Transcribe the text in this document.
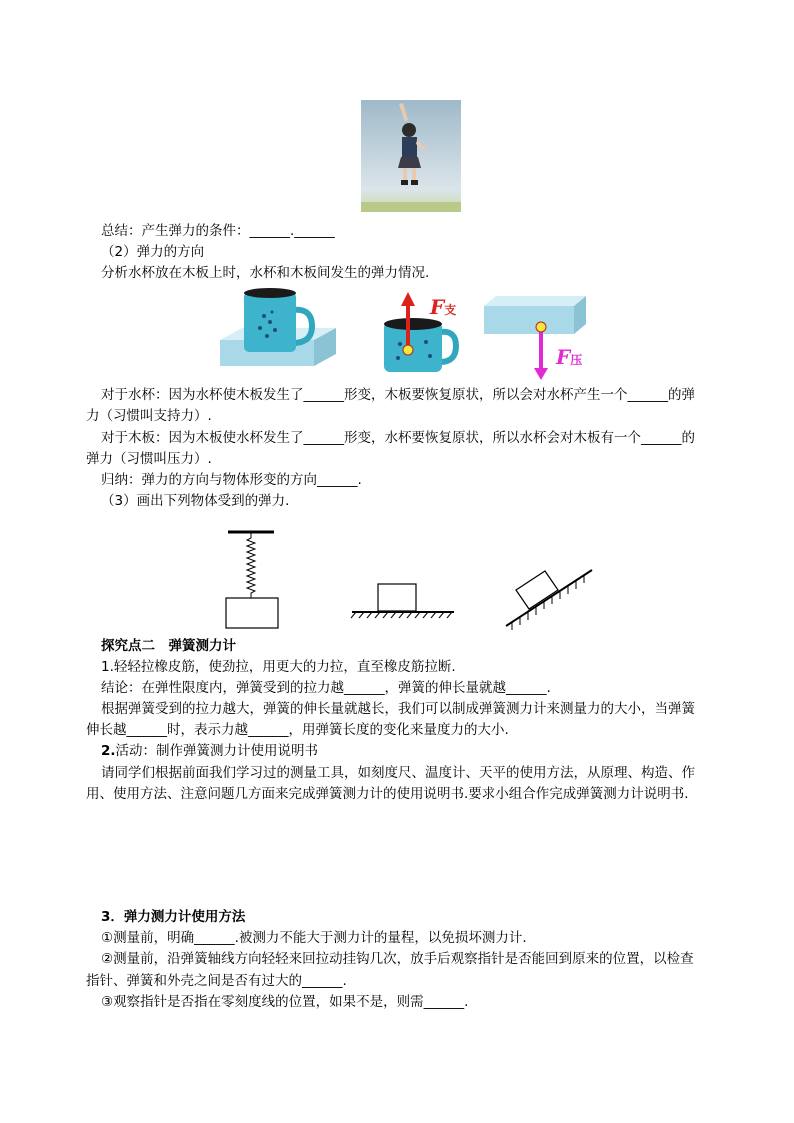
总结：产生弹力的条件：______.______
（2）弹力的方向
分析水杯放在木板上时，水杯和木板间发生的弹力情况.
F支
F压
对于水杯：因为水杯使木板发生了______形变，木板要恢复原状，所以会对水杯产生一个______的弹
力（习惯叫支持力）.
对于木板：因为木板使水杯发生了______形变，水杯要恢复原状，所以水杯会对木板有一个______的
弹力（习惯叫压力）.
归纳：弹力的方向与物体形变的方向______.
（3）画出下列物体受到的弹力.
探究点二　弹簧测力计
1.轻轻拉橡皮筋，使劲拉，用更大的力拉，直至橡皮筋拉断.
结论：在弹性限度内，弹簧受到的拉力越______，弹簧的伸长量就越______.
根据弹簧受到的拉力越大，弹簧的伸长量就越长，我们可以制成弹簧测力计来测量力的大小，当弹簧
伸长越______时，表示力越______，用弹簧长度的变化来量度力的大小.
2.活动：制作弹簧测力计使用说明书
请同学们根据前面我们学习过的测量工具，如刻度尺、温度计、天平的使用方法，从原理、构造、作
用、使用方法、注意问题几方面来完成弹簧测力计的使用说明书.要求小组合作完成弹簧测力计说明书.
3．弹力测力计使用方法
①测量前，明确______.被测力不能大于测力计的量程，以免损坏测力计.
②测量前，沿弹簧轴线方向轻轻来回拉动挂钩几次，放手后观察指针是否能回到原来的位置，以检查
指针、弹簧和外壳之间是否有过大的______.
③观察指针是否指在零刻度线的位置，如果不是，则需______.
